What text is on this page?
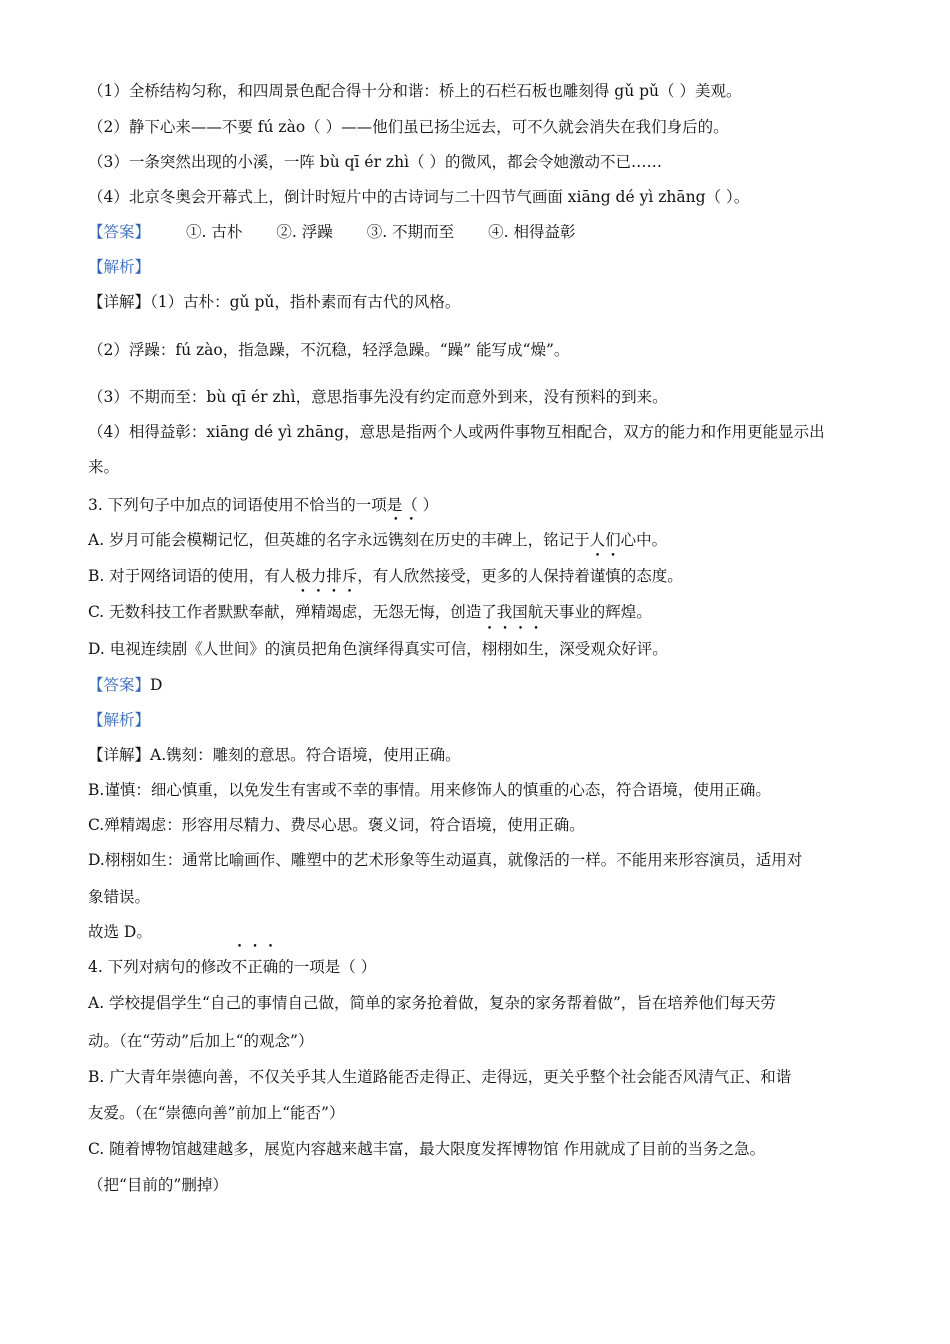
（1）全桥结构匀称，和四周景色配合得十分和谐：桥上的石栏石板也雕刻得 gǔ pǔ（ ）美观。
（2）静下心来——不要 fú zào（ ）——他们虽已扬尘远去，可不久就会消失在我们身后的。
（3）一条突然出现的小溪，一阵 bù qī ér zhì（ ）的微风，都会令她激动不已……
（4）北京冬奥会开幕式上，倒计时短片中的古诗词与二十四节气画面 xiāng dé yì zhāng（ ）。
【答案】 ①. 古朴 ②. 浮躁 ③. 不期而至 ④. 相得益彰
【解析】
【详解】（1）古朴：gǔ pǔ，指朴素而有古代的风格。
（2）浮躁：fú zào，指急躁，不沉稳，轻浮急躁。“躁” 能写成“燥”。
（3）不期而至：bù qī ér zhì，意思指事先没有约定而意外到来，没有预料的到来。
（4）相得益彰：xiāng dé yì zhāng，意思是指两个人或两件事物互相配合，双方的能力和作用更能显示出
来。
3. 下列句子中加点的词语使用不恰当的一项是（ ）
A. 岁月可能会模糊记忆，但英雄的名字永远镌刻在历史的丰碑上，铭记于人们心中。
B. 对于网络词语的使用，有人极力排斥，有人欣然接受，更多的人保持着谨慎的态度。
C. 无数科技工作者默默奉献，殚精竭虑，无怨无悔，创造了我国航天事业的辉煌。
D. 电视连续剧《人世间》的演员把角色演绎得真实可信，栩栩如生，深受观众好评。
【答案】D
【解析】
【详解】A.镌刻：雕刻的意思。符合语境，使用正确。
B.谨慎：细心慎重，以免发生有害或不幸的事情。用来修饰人的慎重的心态，符合语境，使用正确。
C.殚精竭虑：形容用尽精力、费尽心思。褒义词，符合语境，使用正确。
D.栩栩如生：通常比喻画作、雕塑中的艺术形象等生动逼真，就像活的一样。不能用来形容演员，适用对
象错误。
故选 D。
4. 下列对病句的修改不正确的一项是（ ）
A. 学校提倡学生“自己的事情自己做，简单的家务抢着做，复杂的家务帮着做”，旨在培养他们每天劳
动。（在“劳动”后加上“的观念”）
B. 广大青年崇德向善，不仅关乎其人生道路能否走得正、走得远，更关乎整个社会能否风清气正、和谐
友爱。（在“崇德向善”前加上“能否”）
C. 随着博物馆越建越多，展览内容越来越丰富，最大限度发挥博物馆 作用就成了目前的当务之急。
（把“目前的”删掉）
